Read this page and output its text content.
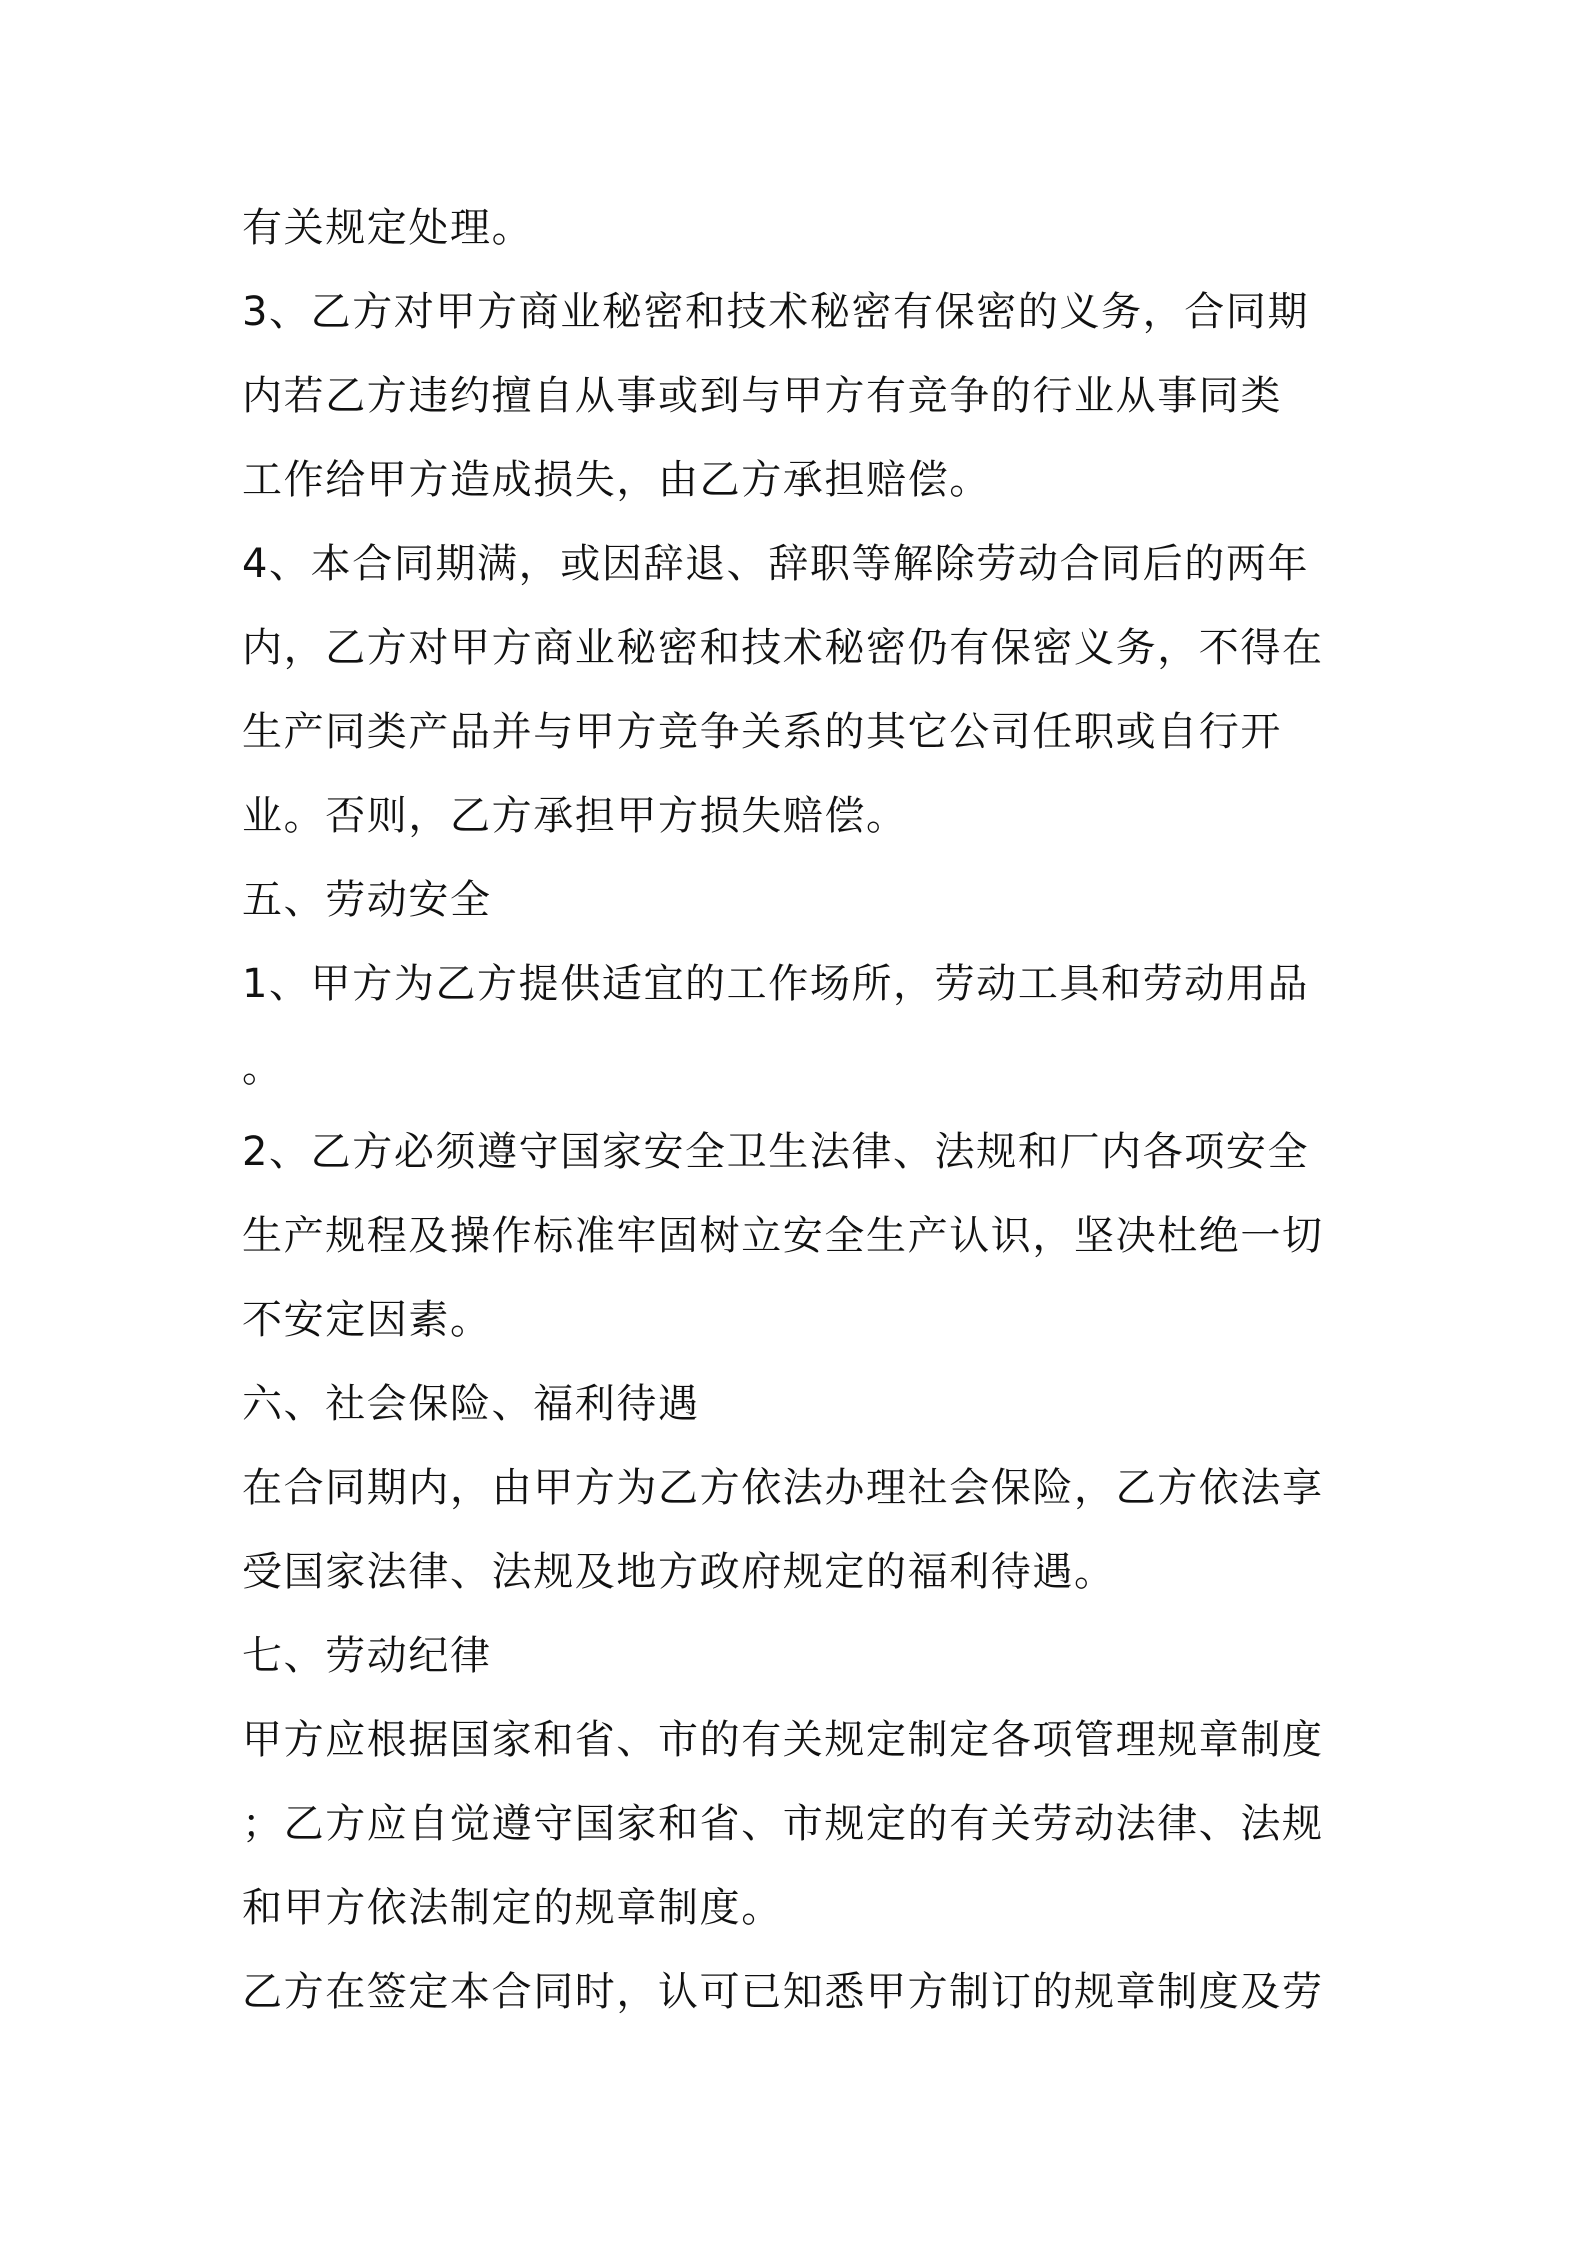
有关规定处理。
3、乙方对甲方商业秘密和技术秘密有保密的义务，合同期
内若乙方违约擅自从事或到与甲方有竞争的行业从事同类
工作给甲方造成损失，由乙方承担赔偿。
4、本合同期满，或因辞退、辞职等解除劳动合同后的两年
内，乙方对甲方商业秘密和技术秘密仍有保密义务，不得在
生产同类产品并与甲方竞争关系的其它公司任职或自行开
业。否则，乙方承担甲方损失赔偿。
五、劳动安全
1、甲方为乙方提供适宜的工作场所，劳动工具和劳动用品
。
2、乙方必须遵守国家安全卫生法律、法规和厂内各项安全
生产规程及操作标准牢固树立安全生产认识，坚决杜绝一切
不安定因素。
六、社会保险、福利待遇
在合同期内，由甲方为乙方依法办理社会保险，乙方依法享
受国家法律、法规及地方政府规定的福利待遇。
七、劳动纪律
甲方应根据国家和省、市的有关规定制定各项管理规章制度
；乙方应自觉遵守国家和省、市规定的有关劳动法律、法规
和甲方依法制定的规章制度。
乙方在签定本合同时，认可已知悉甲方制订的规章制度及劳
